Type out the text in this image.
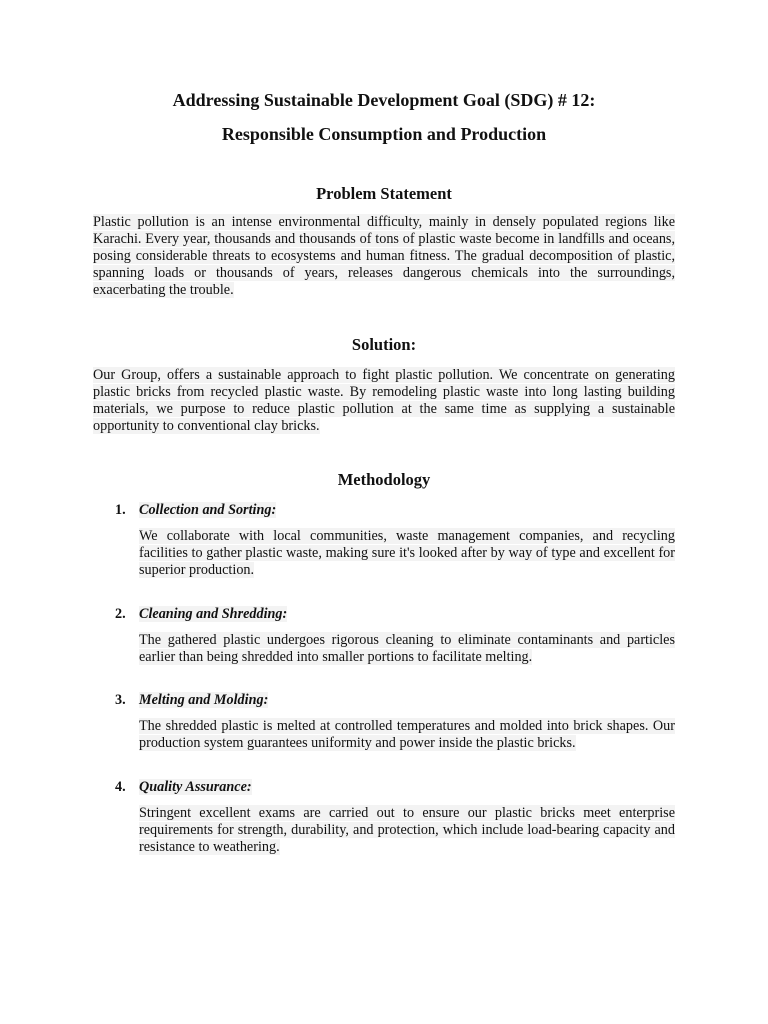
Addressing Sustainable Development Goal (SDG) # 12:
Responsible Consumption and Production
Problem Statement

Plastic pollution is an intense environmental difficulty, mainly in densely populated regions like Karachi. Every year, thousands and thousands of tons of plastic waste become in landfills and oceans, posing considerable threats to ecosystems and human fitness. The gradual decomposition of plastic, spanning loads or thousands of years, releases dangerous chemicals into the surroundings, exacerbating the trouble.

Solution:

Our Group, offers a sustainable approach to fight plastic pollution. We concentrate on generating plastic bricks from recycled plastic waste. By remodeling plastic waste into long lasting building materials, we purpose to reduce plastic pollution at the same time as supplying a sustainable opportunity to conventional clay bricks.

Methodology
1. Collection and Sorting:

We collaborate with local communities, waste management companies, and recycling facilities to gather plastic waste, making sure it's looked after by way of type and excellent for superior production.

2. Cleaning and Shredding:

The gathered plastic undergoes rigorous cleaning to eliminate contaminants and particles earlier than being shredded into smaller portions to facilitate melting.

3. Melting and Molding:

The shredded plastic is melted at controlled temperatures and molded into brick shapes. Our production system guarantees uniformity and power inside the plastic bricks.

4. Quality Assurance:

Stringent excellent exams are carried out to ensure our plastic bricks meet enterprise requirements for strength, durability, and protection, which include load-bearing capacity and resistance to weathering.
